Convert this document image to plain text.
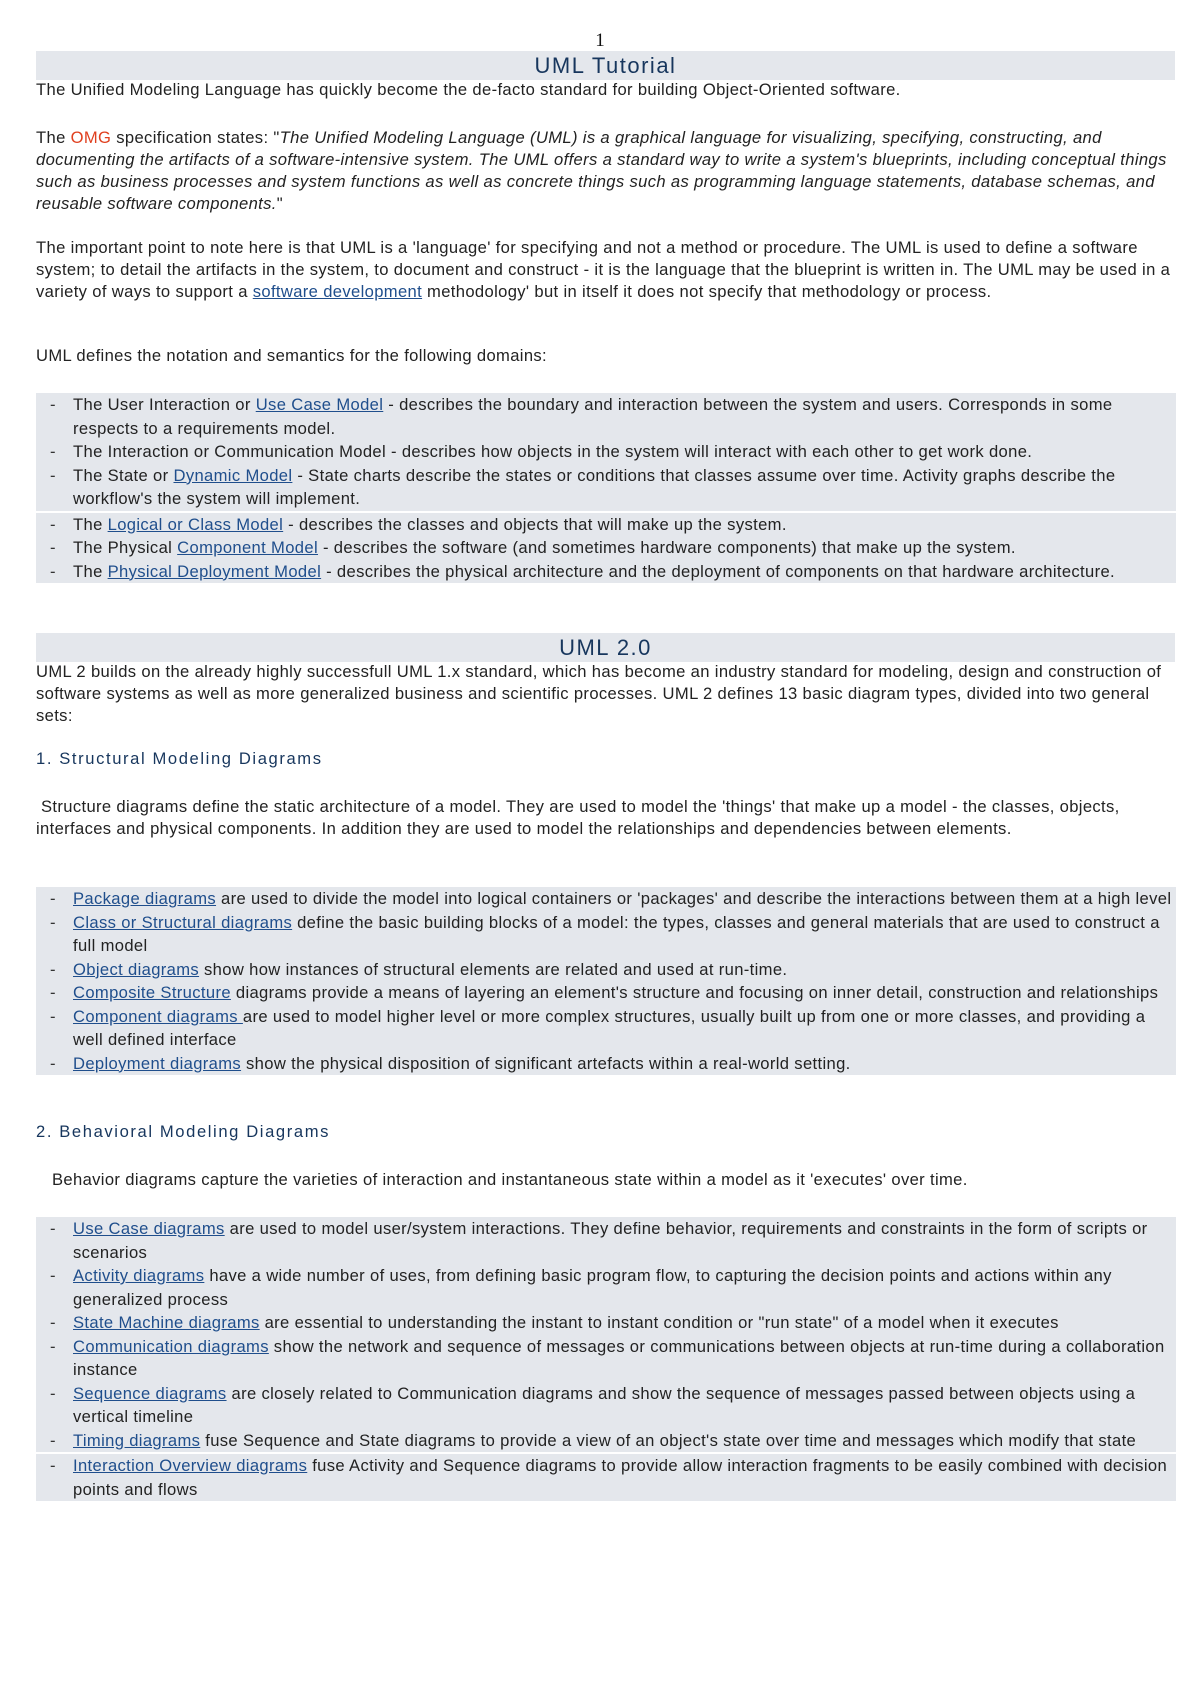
1
UML Tutorial

The Unified Modeling Language has quickly become the de-facto standard for building Object-Oriented software.

The OMG specification states: "The Unified Modeling Language (UML) is a graphical language for visualizing, specifying, constructing, and documenting the artifacts of a software-intensive system. The UML offers a standard way to write a system's blueprints, including conceptual things such as business processes and system functions as well as concrete things such as programming language statements, database schemas, and reusable software components."

The important point to note here is that UML is a 'language' for specifying and not a method or procedure. The UML is used to define a software system; to detail the artifacts in the system, to document and construct - it is the language that the blueprint is written in. The UML may be used in a variety of ways to support a software development methodology' but in itself it does not specify that methodology or process.

UML defines the notation and semantics for the following domains:

- The User Interaction or Use Case Model - describes the boundary and interaction between the system and users. Corresponds in some respects to a requirements model.
- The Interaction or Communication Model - describes how objects in the system will interact with each other to get work done.
- The State or Dynamic Model - State charts describe the states or conditions that classes assume over time. Activity graphs describe the workflow's the system will implement.
- The Logical or Class Model - describes the classes and objects that will make up the system.
- The Physical Component Model - describes the software (and sometimes hardware components) that make up the system.
- The Physical Deployment Model - describes the physical architecture and the deployment of components on that hardware architecture.
UML 2.0

UML 2 builds on the already highly successfull UML 1.x standard, which has become an industry standard for modeling, design and construction of software systems as well as more generalized business and scientific processes. UML 2 defines 13 basic diagram types, divided into two general sets:

1. Structural Modeling Diagrams

Structure diagrams define the static architecture of a model. They are used to model the 'things' that make up a model - the classes, objects, interfaces and physical components. In addition they are used to model the relationships and dependencies between elements.

- Package diagrams are used to divide the model into logical containers or 'packages' and describe the interactions between them at a high level
- Class or Structural diagrams define the basic building blocks of a model: the types, classes and general materials that are used to construct a full model
- Object diagrams show how instances of structural elements are related and used at run-time.
- Composite Structure diagrams provide a means of layering an element's structure and focusing on inner detail, construction and relationships
- Component diagrams are used to model higher level or more complex structures, usually built up from one or more classes, and providing a well defined interface
- Deployment diagrams show the physical disposition of significant artefacts within a real-world setting.

2. Behavioral Modeling Diagrams

Behavior diagrams capture the varieties of interaction and instantaneous state within a model as it 'executes' over time.

- Use Case diagrams are used to model user/system interactions. They define behavior, requirements and constraints in the form of scripts or scenarios
- Activity diagrams have a wide number of uses, from defining basic program flow, to capturing the decision points and actions within any generalized process
- State Machine diagrams are essential to understanding the instant to instant condition or "run state" of a model when it executes
- Communication diagrams show the network and sequence of messages or communications between objects at run-time during a collaboration instance
- Sequence diagrams are closely related to Communication diagrams and show the sequence of messages passed between objects using a vertical timeline
- Timing diagrams fuse Sequence and State diagrams to provide a view of an object's state over time and messages which modify that state
- Interaction Overview diagrams fuse Activity and Sequence diagrams to provide allow interaction fragments to be easily combined with decision points and flows
